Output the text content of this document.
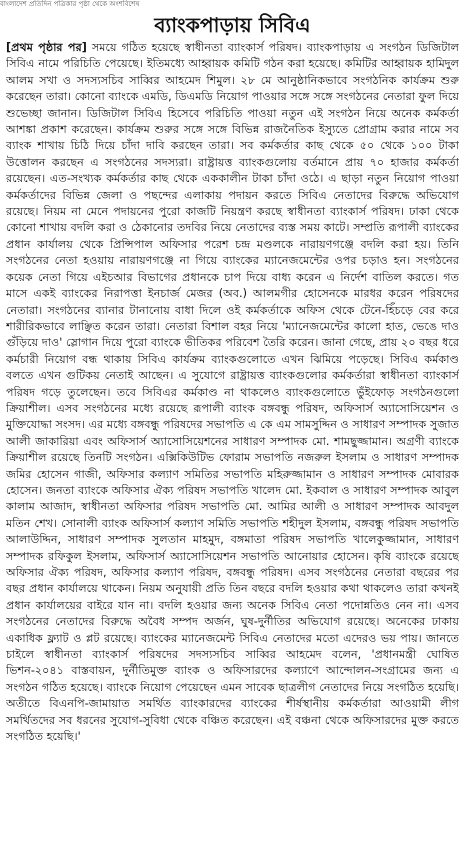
বাংলাদেশ প্রতিদিন পত্রিকার পৃষ্ঠা থেকে অংশবিশেষ
ব্যাংকপাড়ায় সিবিএ
[প্রথম পৃষ্ঠার পর] সময়ে গঠিত হয়েছে স্বাধীনতা ব্যাংকার্স পরিষদ। ব্যাংকপাড়ায় এ সংগঠন ডিজিটাল সিবিএ নামে পরিচিতি পেয়েছে। ইতিমধ্যে আহ্বায়ক কমিটি গঠন করা হয়েছে। কমিটির আহ্বায়ক হামিদুল আলম সখা ও সদস্যসচিব সাব্বির আহমেদ শিমুল। ২৮ মে আনুষ্ঠানিকভাবে সংগঠনিক কার্যক্রম শুরু করেছেন তারা। কোনো ব্যাংকে এমডি, ডিএমডি নিয়োগ পাওয়ার সঙ্গে সঙ্গে সংগঠনের নেতারা ফুল দিয়ে শুভেচ্ছা জানান। ডিজিটাল সিবিএ হিসেবে পরিচিতি পাওয়া নতুন এই সংগঠন নিয়ে অনেক কর্মকর্তা আশঙ্কা প্রকাশ করেছেন। কার্যক্রম শুরুর সঙ্গে সঙ্গে বিভিন্ন রাজনৈতিক ইস্যুতে প্রোগ্রাম করার নামে সব ব্যাংক শাখায় চিঠি দিয়ে চাঁদা দাবি করছেন তারা। সব কর্মকর্তার কাছ থেকে ৫০ থেকে ১০০ টাকা উত্তোলন করছেন এ সংগঠনের সদস্যরা। রাষ্ট্রায়ত্ত ব্যাংকগুলোয় বর্তমানে প্রায় ৭০ হাজার কর্মকর্তা রয়েছেন। এত-সংখ্যক কর্মকর্তার কাছ থেকে এককালীন টাকা চাঁদা ওঠে। এ ছাড়া নতুন নিয়োগ পাওয়া কর্মকর্তাদের বিভিন্ন জেলা ও পছন্দের এলাকায় পদায়ন করতে সিবিএ নেতাদের বিরুদ্ধে অভিযোগ রয়েছে। নিয়ম না মেনে পদায়নের পুরো কাজটি নিয়ন্ত্রণ করছে স্বাধীনতা ব্যাংকার্স পরিষদ। ঢাকা থেকে কোনো শাখায় বদলি করা ও ঠেকানোর তদবির নিয়ে নেতাদের ব্যস্ত সময় কাটে। সম্প্রতি রূপালী ব্যাংকের প্রধান কার্যালয় থেকে প্রিন্সিপাল অফিসার পরেশ চন্দ্র মণ্ডলকে নারায়ণগঞ্জে বদলি করা হয়। তিনি সংগঠনের নেতা হওয়ায় নারায়ণগঞ্জে না গিয়ে ব্যাংকের ম্যানেজমেন্টের ওপর চড়াও হন। সংগঠনের কয়েক নেতা গিয়ে এইচআর বিভাগের প্রধানকে চাপ দিয়ে বাধ্য করেন এ নির্দেশ বাতিল করতে। গত মাসে একই ব্যাংকের নিরাপত্তা ইনচার্জ মেজর (অব.) আলমগীর হোসেনকে মারধর করেন পরিষদের নেতারা। সংগঠনের ব্যানার টানানোয় বাধা দিলে ওই কর্মকর্তাকে অফিস থেকে টেনে-হিঁচড়ে বের করে শারীরিকভাবে লাঞ্ছিত করেন তারা। নেতারা বিশাল বহর নিয়ে 'ম্যানেজমেন্টের কালো হাত, ভেঙে দাও গুঁড়িয়ে দাও' স্লোগান দিয়ে পুরো ব্যাংকে ভীতিকর পরিবেশ তৈরি করেন। জানা গেছে, প্রায় ২০ বছর ধরে কর্মচারী নিয়োগ বন্ধ থাকায় সিবিএ কার্যক্রম ব্যাংকগুলোতে এখন ঝিমিয়ে পড়েছে। সিবিএ কর্মকাণ্ড বলতে এখন গুটিকয় নেতাই আছেন। এ সুযোগে রাষ্ট্রায়ত্ত ব্যাংকগুলোর কর্মকর্তারা স্বাধীনতা ব্যাংকার্স পরিষদ গড়ে তুলেছেন। তবে সিবিএর কর্মকাণ্ড না থাকলেও ব্যাংকগুলোতে ভুঁইফোড় সংগঠনগুলো ক্রিয়াশীল। এসব সংগঠনের মধ্যে রয়েছে রূপালী ব্যাংক বঙ্গবন্ধু পরিষদ, অফিসার্স অ্যাসোসিয়েশন ও মুক্তিযোদ্ধা সংসদ। এর মধ্যে বঙ্গবন্ধু পরিষদের সভাপতি এ কে এম সামসুদ্দিন ও সাধারণ সম্পাদক সুজাত আলী জাকারিয়া এবং অফিসার্স অ্যাসোসিয়েশনের সাধারণ সম্পাদক মো. শামছুজ্জামান। অগ্রণী ব্যাংকে ক্রিয়াশীল রয়েছে তিনটি সংগঠন। এক্সিকিউটিভ ফোরাম সভাপতি নজরুল ইসলাম ও সাধারণ সম্পাদক জমির হোসেন গাজী, অফিসার কল্যাণ সমিতির সভাপতি মহিরুজ্জামান ও সাধারণ সম্পাদক মোবারক হোসেন। জনতা ব্যাংকে অফিসার ঐক্য পরিষদ সভাপতি খালেদ মো. ইকবাল ও সাধারণ সম্পাদক আবুল কালাম আজাদ, স্বাধীনতা অফিসার পরিষদ সভাপতি মো. আমির আলী ও সাধারণ সম্পাদক আবদুল মতিন শেখ। সোনালী ব্যাংক অফিসার্স কল্যাণ সমিতি সভাপতি শহীদুল ইসলাম, বঙ্গবন্ধু পরিষদ সভাপতি আলাউদ্দিন, সাধারণ সম্পাদক সুলতান মাহমুদ, বঙ্গমাতা পরিষদ সভাপতি খালেকুজ্জামান, সাধারণ সম্পাদক রফিকুল ইসলাম, অফিসার্স অ্যাসোসিয়েশন সভাপতি আনোয়ার হোসেন। কৃষি ব্যাংকে রয়েছে অফিসার ঐক্য পরিষদ, অফিসার কল্যাণ পরিষদ, বঙ্গবন্ধু পরিষদ। এসব সংগঠনের নেতারা বছরের পর বছর প্রধান কার্যালয়ে থাকেন। নিয়ম অনুযায়ী প্রতি তিন বছরে বদলি হওয়ার কথা থাকলেও তারা কখনই প্রধান কার্যালয়ের বাইরে যান না। বদলি হওয়ার জন্য অনেক সিবিএ নেতা পদোন্নতিও নেন না। এসব সংগঠনের নেতাদের বিরুদ্ধে অবৈধ সম্পদ অর্জন, ঘুষ-দুর্নীতির অভিযোগ রয়েছে। অনেকের ঢাকায় একাধিক ফ্ল্যাট ও প্লট রয়েছে। ব্যাংকের ম্যানেজমেন্ট সিবিএ নেতাদের মতো এদেরও ভয় পায়। জানতে চাইলে স্বাধীনতা ব্যাংকার্স পরিষদের সদস্যসচিব সাব্বির আহমেদ বলেন, 'প্রধানমন্ত্রী ঘোষিত ভিশন-২০৪১ বাস্তবায়ন, দুর্নীতিমুক্ত ব্যাংক ও অফিসারদের কল্যাণে আন্দোলন-সংগ্রামের জন্য এ সংগঠন গঠিত হয়েছে। ব্যাংকে নিয়োগ পেয়েছেন এমন সাবেক ছাত্রলীগ নেতাদের নিয়ে সংগঠিত হয়েছি। অতীতে বিএনপি-জামায়াত সমর্থিত ব্যাংকারদের ব্যাংকের শীর্ষস্থানীয় কর্মকর্তারা আওয়ামী লীগ সমর্থিতদের সব ধরনের সুযোগ-সুবিধা থেকে বঞ্চিত করেছেন। এই বঞ্চনা থেকে অফিসারদের মুক্ত করতে সংগঠিত হয়েছি।'
